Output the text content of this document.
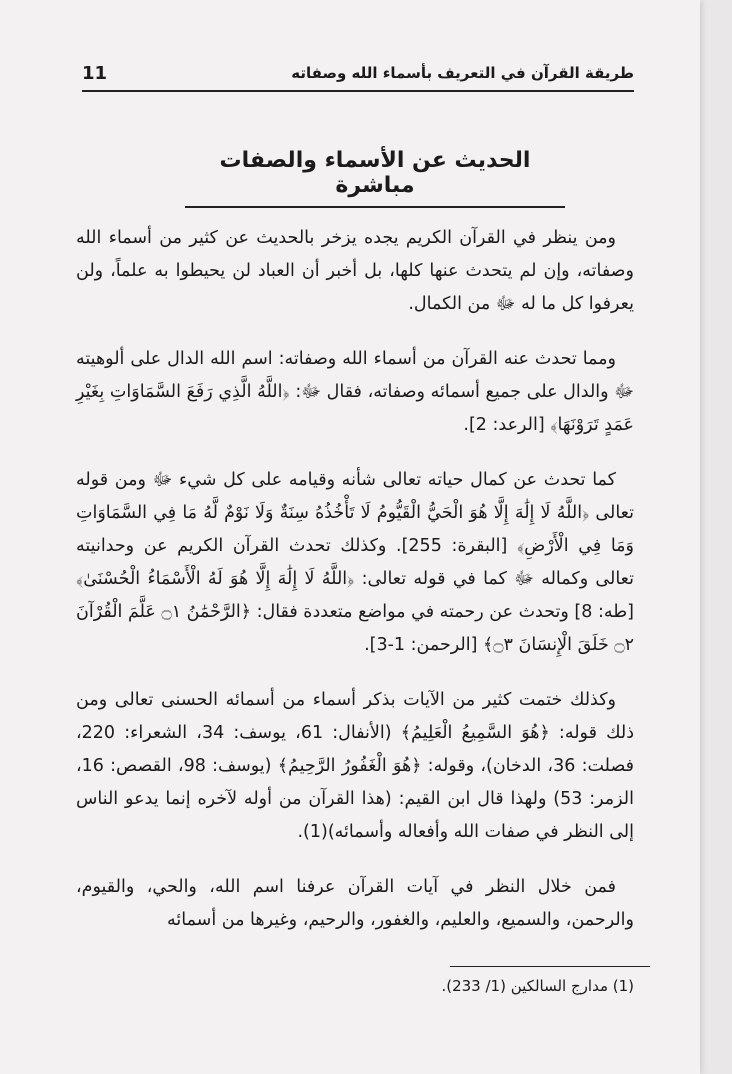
11	طريقة القرآن في التعريف بأسماء الله وصفاته
الحديث عن الأسماء والصفات مباشرة

ومن ينظر في القرآن الكريم يجده يزخر بالحديث عن كثير من أسماء الله وصفاته، وإن لم يتحدث عنها كلها، بل أخبر أن العباد لن يحيطوا به علماً، ولن يعرفوا كل ما له ﷻ من الكمال.

ومما تحدث عنه القرآن من أسماء الله وصفاته: اسم الله الدال على ألوهيته ﷻ والدال على جميع أسمائه وصفاته، فقال ﷻ: ﴿اللَّهُ الَّذِي رَفَعَ السَّمَاوَاتِ بِغَيْرِ عَمَدٍ تَرَوْنَهَا﴾ [الرعد: 2].

كما تحدث عن كمال حياته تعالى شأنه وقيامه على كل شيء ﷻ ومن قوله تعالى ﴿اللَّهُ لَا إِلَٰهَ إِلَّا هُوَ الْحَيُّ الْقَيُّومُ لَا تَأْخُذُهُ سِنَةٌ وَلَا نَوْمٌ لَّهُ مَا فِي السَّمَاوَاتِ وَمَا فِي الْأَرْضِ﴾ [البقرة: 255]. وكذلك تحدث القرآن الكريم عن وحدانيته تعالى وكماله ﷻ كما في قوله تعالى: ﴿اللَّهُ لَا إِلَٰهَ إِلَّا هُوَ لَهُ الْأَسْمَاءُ الْحُسْنَىٰ﴾ [طه: 8] وتحدث عن رحمته في مواضع متعددة فقال: ﴿الرَّحْمَٰنُ ۝١ عَلَّمَ الْقُرْآنَ ۝٢ خَلَقَ الْإِنسَانَ ۝٣﴾ [الرحمن: 1-3].

وكذلك ختمت كثير من الآيات بذكر أسماء من أسمائه الحسنى تعالى ومن ذلك قوله: ﴿هُوَ السَّمِيعُ الْعَلِيمُ﴾ (الأنفال: 61، يوسف: 34، الشعراء: 220، فصلت: 36، الدخان)، وقوله: ﴿هُوَ الْغَفُورُ الرَّحِيمُ﴾ (يوسف: 98، القصص: 16، الزمر: 53) ولهذا قال ابن القيم: (هذا القرآن من أوله لآخره إنما يدعو الناس إلى النظر في صفات الله وأفعاله وأسمائه)(1).

فمن خلال النظر في آيات القرآن عرفنا اسم الله، والحي، والقيوم، والرحمن، والسميع، والعليم، والغفور، والرحيم، وغيرها من أسمائه

(1) مدارج السالكين (1/ 233).
